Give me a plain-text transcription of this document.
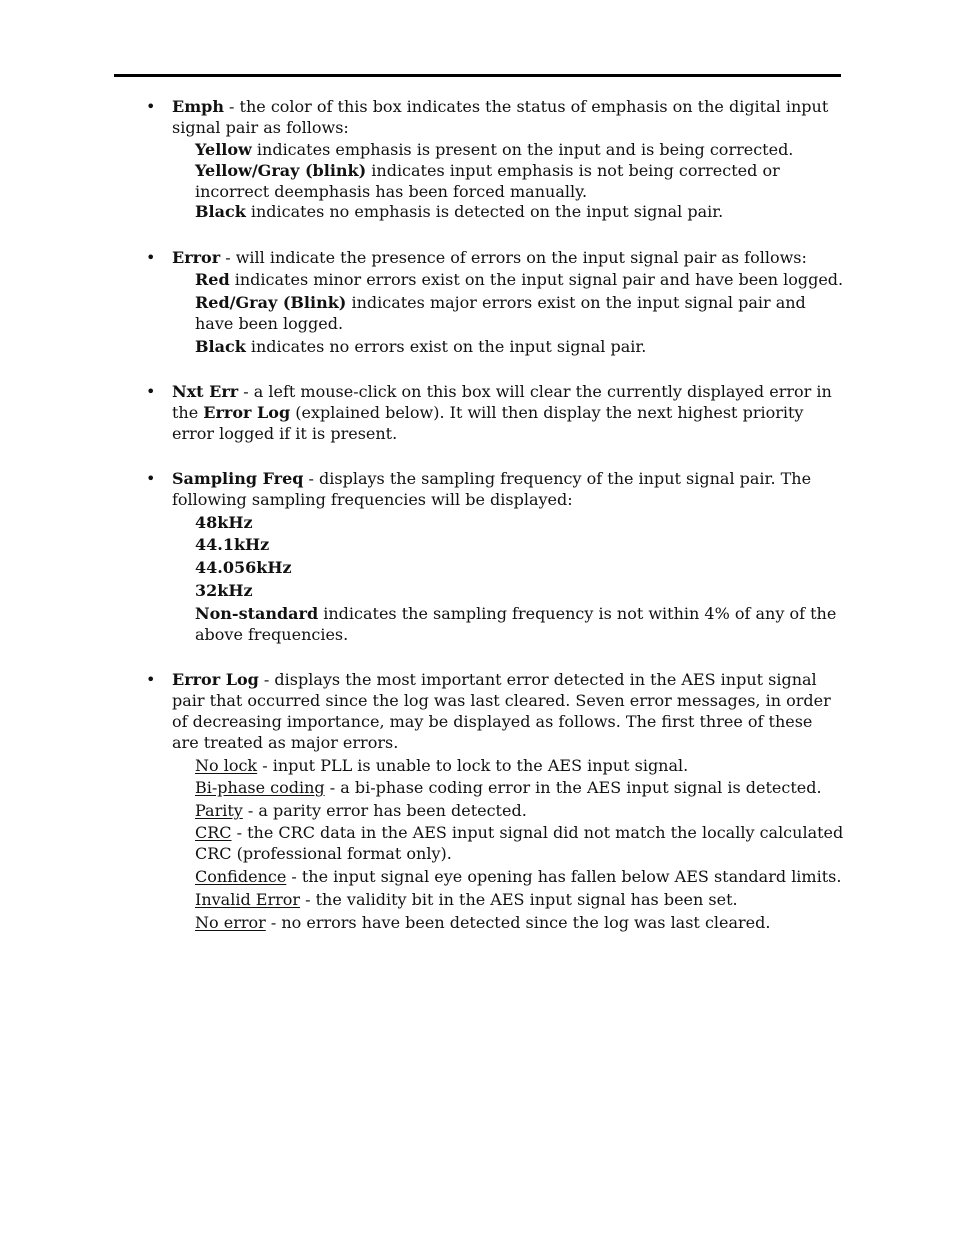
• Emph - the color of this box indicates the status of emphasis on the digital input signal pair as follows:

Yellow indicates emphasis is present on the input and is being corrected.

Yellow/Gray (blink) indicates input emphasis is not being corrected or incorrect deemphasis has been forced manually.

Black indicates no emphasis is detected on the input signal pair.

• Error - will indicate the presence of errors on the input signal pair as follows:

Red indicates minor errors exist on the input signal pair and have been logged.

Red/Gray (Blink) indicates major errors exist on the input signal pair and have been logged.

Black indicates no errors exist on the input signal pair.

• Nxt Err - a left mouse-click on this box will clear the currently displayed error in the Error Log (explained below). It will then display the next highest priority error logged if it is present.

• Sampling Freq - displays the sampling frequency of the input signal pair. The following sampling frequencies will be displayed:

48kHz

44.1kHz

44.056kHz

32kHz

Non-standard indicates the sampling frequency is not within 4% of any of the above frequencies.

• Error Log - displays the most important error detected in the AES input signal pair that occurred since the log was last cleared. Seven error messages, in order of decreasing importance, may be displayed as follows. The first three of these are treated as major errors.

No lock - input PLL is unable to lock to the AES input signal.

Bi-phase coding - a bi-phase coding error in the AES input signal is detected.

Parity - a parity error has been detected.

CRC - the CRC data in the AES input signal did not match the locally calculated CRC (professional format only).

Confidence - the input signal eye opening has fallen below AES standard limits.

Invalid Error - the validity bit in the AES input signal has been set.

No error - no errors have been detected since the log was last cleared.
